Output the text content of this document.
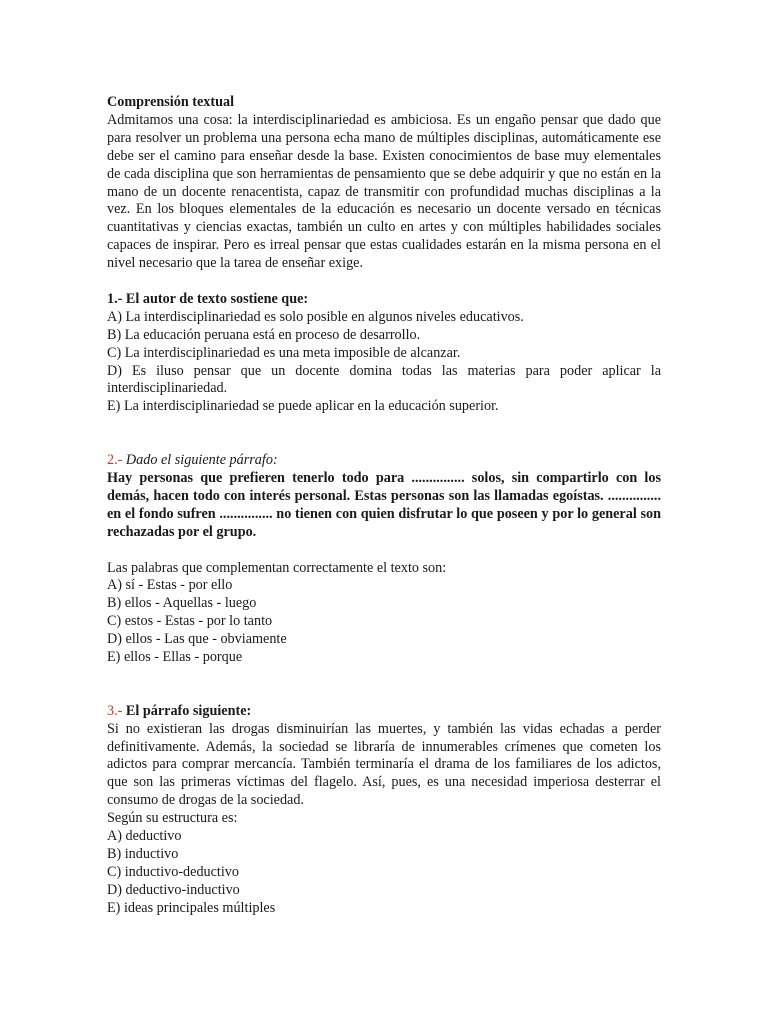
Comprensión textual

Admitamos una cosa: la interdisciplinariedad es ambiciosa. Es un engaño pensar que dado que para resolver un problema una persona echa mano de múltiples disciplinas, automáticamente ese debe ser el camino para enseñar desde la base. Existen conocimientos de base muy elementales de cada disciplina que son herramientas de pensamiento que se debe adquirir y que no están en la mano de un docente renacentista, capaz de transmitir con profundidad muchas disciplinas a la vez. En los bloques elementales de la educación es necesario un docente versado en técnicas cuantitativas y ciencias exactas, también un culto en artes y con múltiples habilidades sociales capaces de inspirar. Pero es irreal pensar que estas cualidades estarán en la misma persona en el nivel necesario que la tarea de enseñar exige.

1.- El autor de texto sostiene que:

A) La interdisciplinariedad es solo posible en algunos niveles educativos.

B) La educación peruana está en proceso de desarrollo.

C) La interdisciplinariedad es una meta imposible de alcanzar.

D) Es iluso pensar que un docente domina todas las materias para poder aplicar la interdisciplinariedad.

E) La interdisciplinariedad se puede aplicar en la educación superior.

2.- Dado el siguiente párrafo:

Hay personas que prefieren tenerlo todo para ............... solos, sin compartirlo con los demás, hacen todo con interés personal. Estas personas son las llamadas egoístas. ............... en el fondo sufren ............... no tienen con quien disfrutar lo que poseen y por lo general son rechazadas por el grupo.

Las palabras que complementan correctamente el texto son:

A) sí - Estas - por ello

B) ellos - Aquellas - luego

C) estos - Estas - por lo tanto

D) ellos - Las que - obviamente

E) ellos - Ellas - porque

3.- El párrafo siguiente:

Si no existieran las drogas disminuirían las muertes, y también las vidas echadas a perder definitivamente. Además, la sociedad se libraría de innumerables crímenes que cometen los adictos para comprar mercancía. También terminaría el drama de los familiares de los adictos, que son las primeras víctimas del flagelo. Así, pues, es una necesidad imperiosa desterrar el consumo de drogas de la sociedad.

Según su estructura es:

A) deductivo

B) inductivo

C) inductivo-deductivo

D) deductivo-inductivo

E) ideas principales múltiples
